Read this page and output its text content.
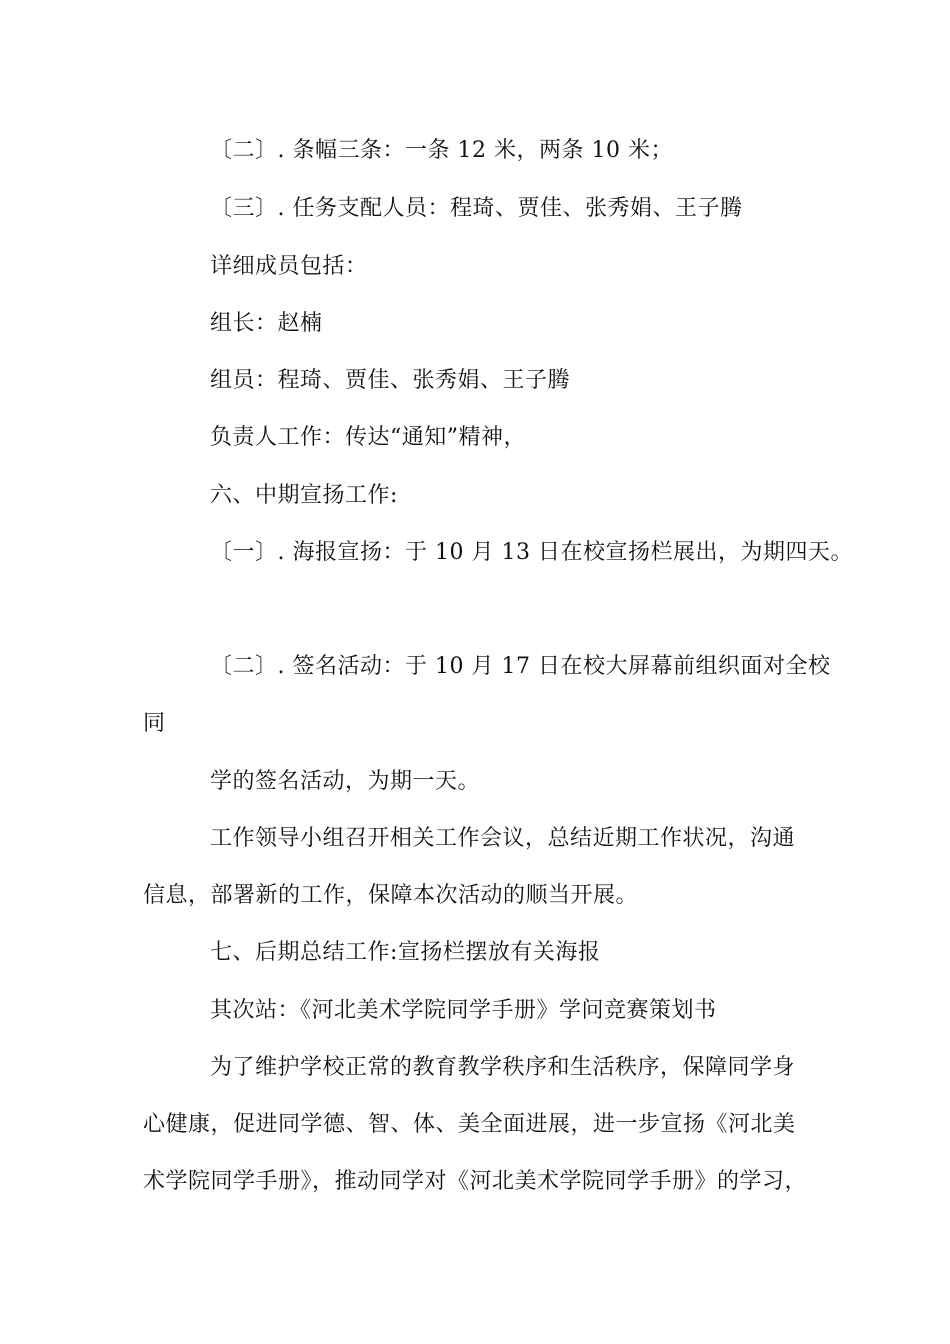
〔二〕. 条幅三条：一条 12 米，两条 10 米；
〔三〕. 任务支配人员：程琦、贾佳、张秀娟、王子腾
详细成员包括：
组长：赵楠
组员：程琦、贾佳、张秀娟、王子腾
负责人工作：传达“通知”精神，
六、中期宣扬工作:
〔一〕. 海报宣扬：于 10 月 13 日在校宣扬栏展出，为期四天。
〔二〕. 签名活动：于 10 月 17 日在校大屏幕前组织面对全校
同
学的签名活动，为期一天。
工作领导小组召开相关工作会议，总结近期工作状况，沟通
信息，部署新的工作，保障本次活动的顺当开展。
七、后期总结工作:宣扬栏摆放有关海报
其次站：《河北美术学院同学手册》学问竞赛策划书
为了维护学校正常的教育教学秩序和生活秩序，保障同学身
心健康，促进同学德、智、体、美全面进展，进一步宣扬《河北美
术学院同学手册》，推动同学对《河北美术学院同学手册》的学习，
